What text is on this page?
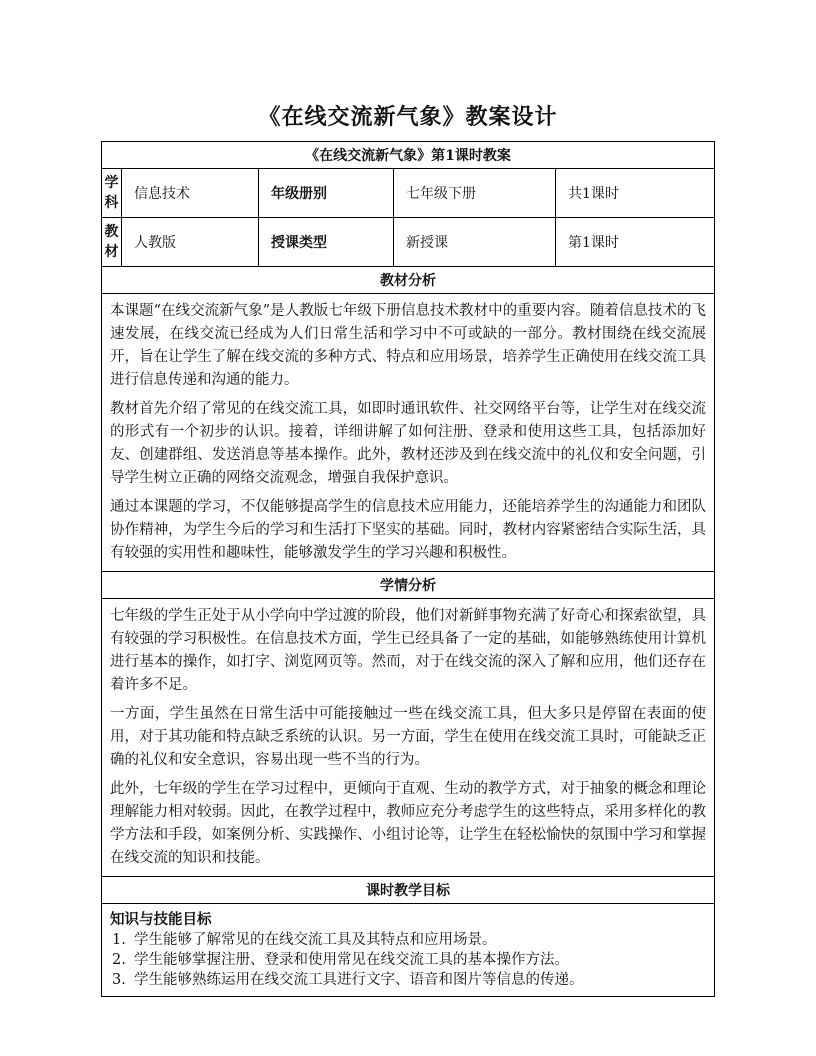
《在线交流新气象》教案设计
《在线交流新气象》第1课时教案				

学
科	信息技术	年级册别	七年级下册	共1课时

教
材	人教版	授课类型	新授课	第1课时
教材分析				

本课题“在线交流新气象”是人教版七年级下册信息技术教材中的重要内容。随着信息技术的飞速发展，在线交流已经成为人们日常生活和学习中不可或缺的一部分。教材围绕在线交流展开，旨在让学生了解在线交流的多种方式、特点和应用场景，培养学生正确使用在线交流工具进行信息传递和沟通的能力。

教材首先介绍了常见的在线交流工具，如即时通讯软件、社交网络平台等，让学生对在线交流的形式有一个初步的认识。接着，详细讲解了如何注册、登录和使用这些工具，包括添加好友、创建群组、发送消息等基本操作。此外，教材还涉及到在线交流中的礼仪和安全问题，引导学生树立正确的网络交流观念，增强自我保护意识。

通过本课题的学习，不仅能够提高学生的信息技术应用能力，还能培养学生的沟通能力和团队协作精神，为学生今后的学习和生活打下坚实的基础。同时，教材内容紧密结合实际生活，具有较强的实用性和趣味性，能够激发学生的学习兴趣和积极性。				

学情分析				

七年级的学生正处于从小学向中学过渡的阶段，他们对新鲜事物充满了好奇心和探索欲望，具有较强的学习积极性。在信息技术方面，学生已经具备了一定的基础，如能够熟练使用计算机进行基本的操作，如打字、浏览网页等。然而，对于在线交流的深入了解和应用，他们还存在着许多不足。

一方面，学生虽然在日常生活中可能接触过一些在线交流工具，但大多只是停留在表面的使用，对于其功能和特点缺乏系统的认识。另一方面，学生在使用在线交流工具时，可能缺乏正确的礼仪和安全意识，容易出现一些不当的行为。

此外，七年级的学生在学习过程中，更倾向于直观、生动的教学方式，对于抽象的概念和理论理解能力相对较弱。因此，在教学过程中，教师应充分考虑学生的这些特点，采用多样化的教学方法和手段，如案例分析、实践操作、小组讨论等，让学生在轻松愉快的氛围中学习和掌握在线交流的知识和技能。				

课时教学目标				

知识与技能目标
1. 学生能够了解常见的在线交流工具及其特点和应用场景。
2. 学生能够掌握注册、登录和使用常见在线交流工具的基本操作方法。
3. 学生能够熟练运用在线交流工具进行文字、语音和图片等信息的传递。				
